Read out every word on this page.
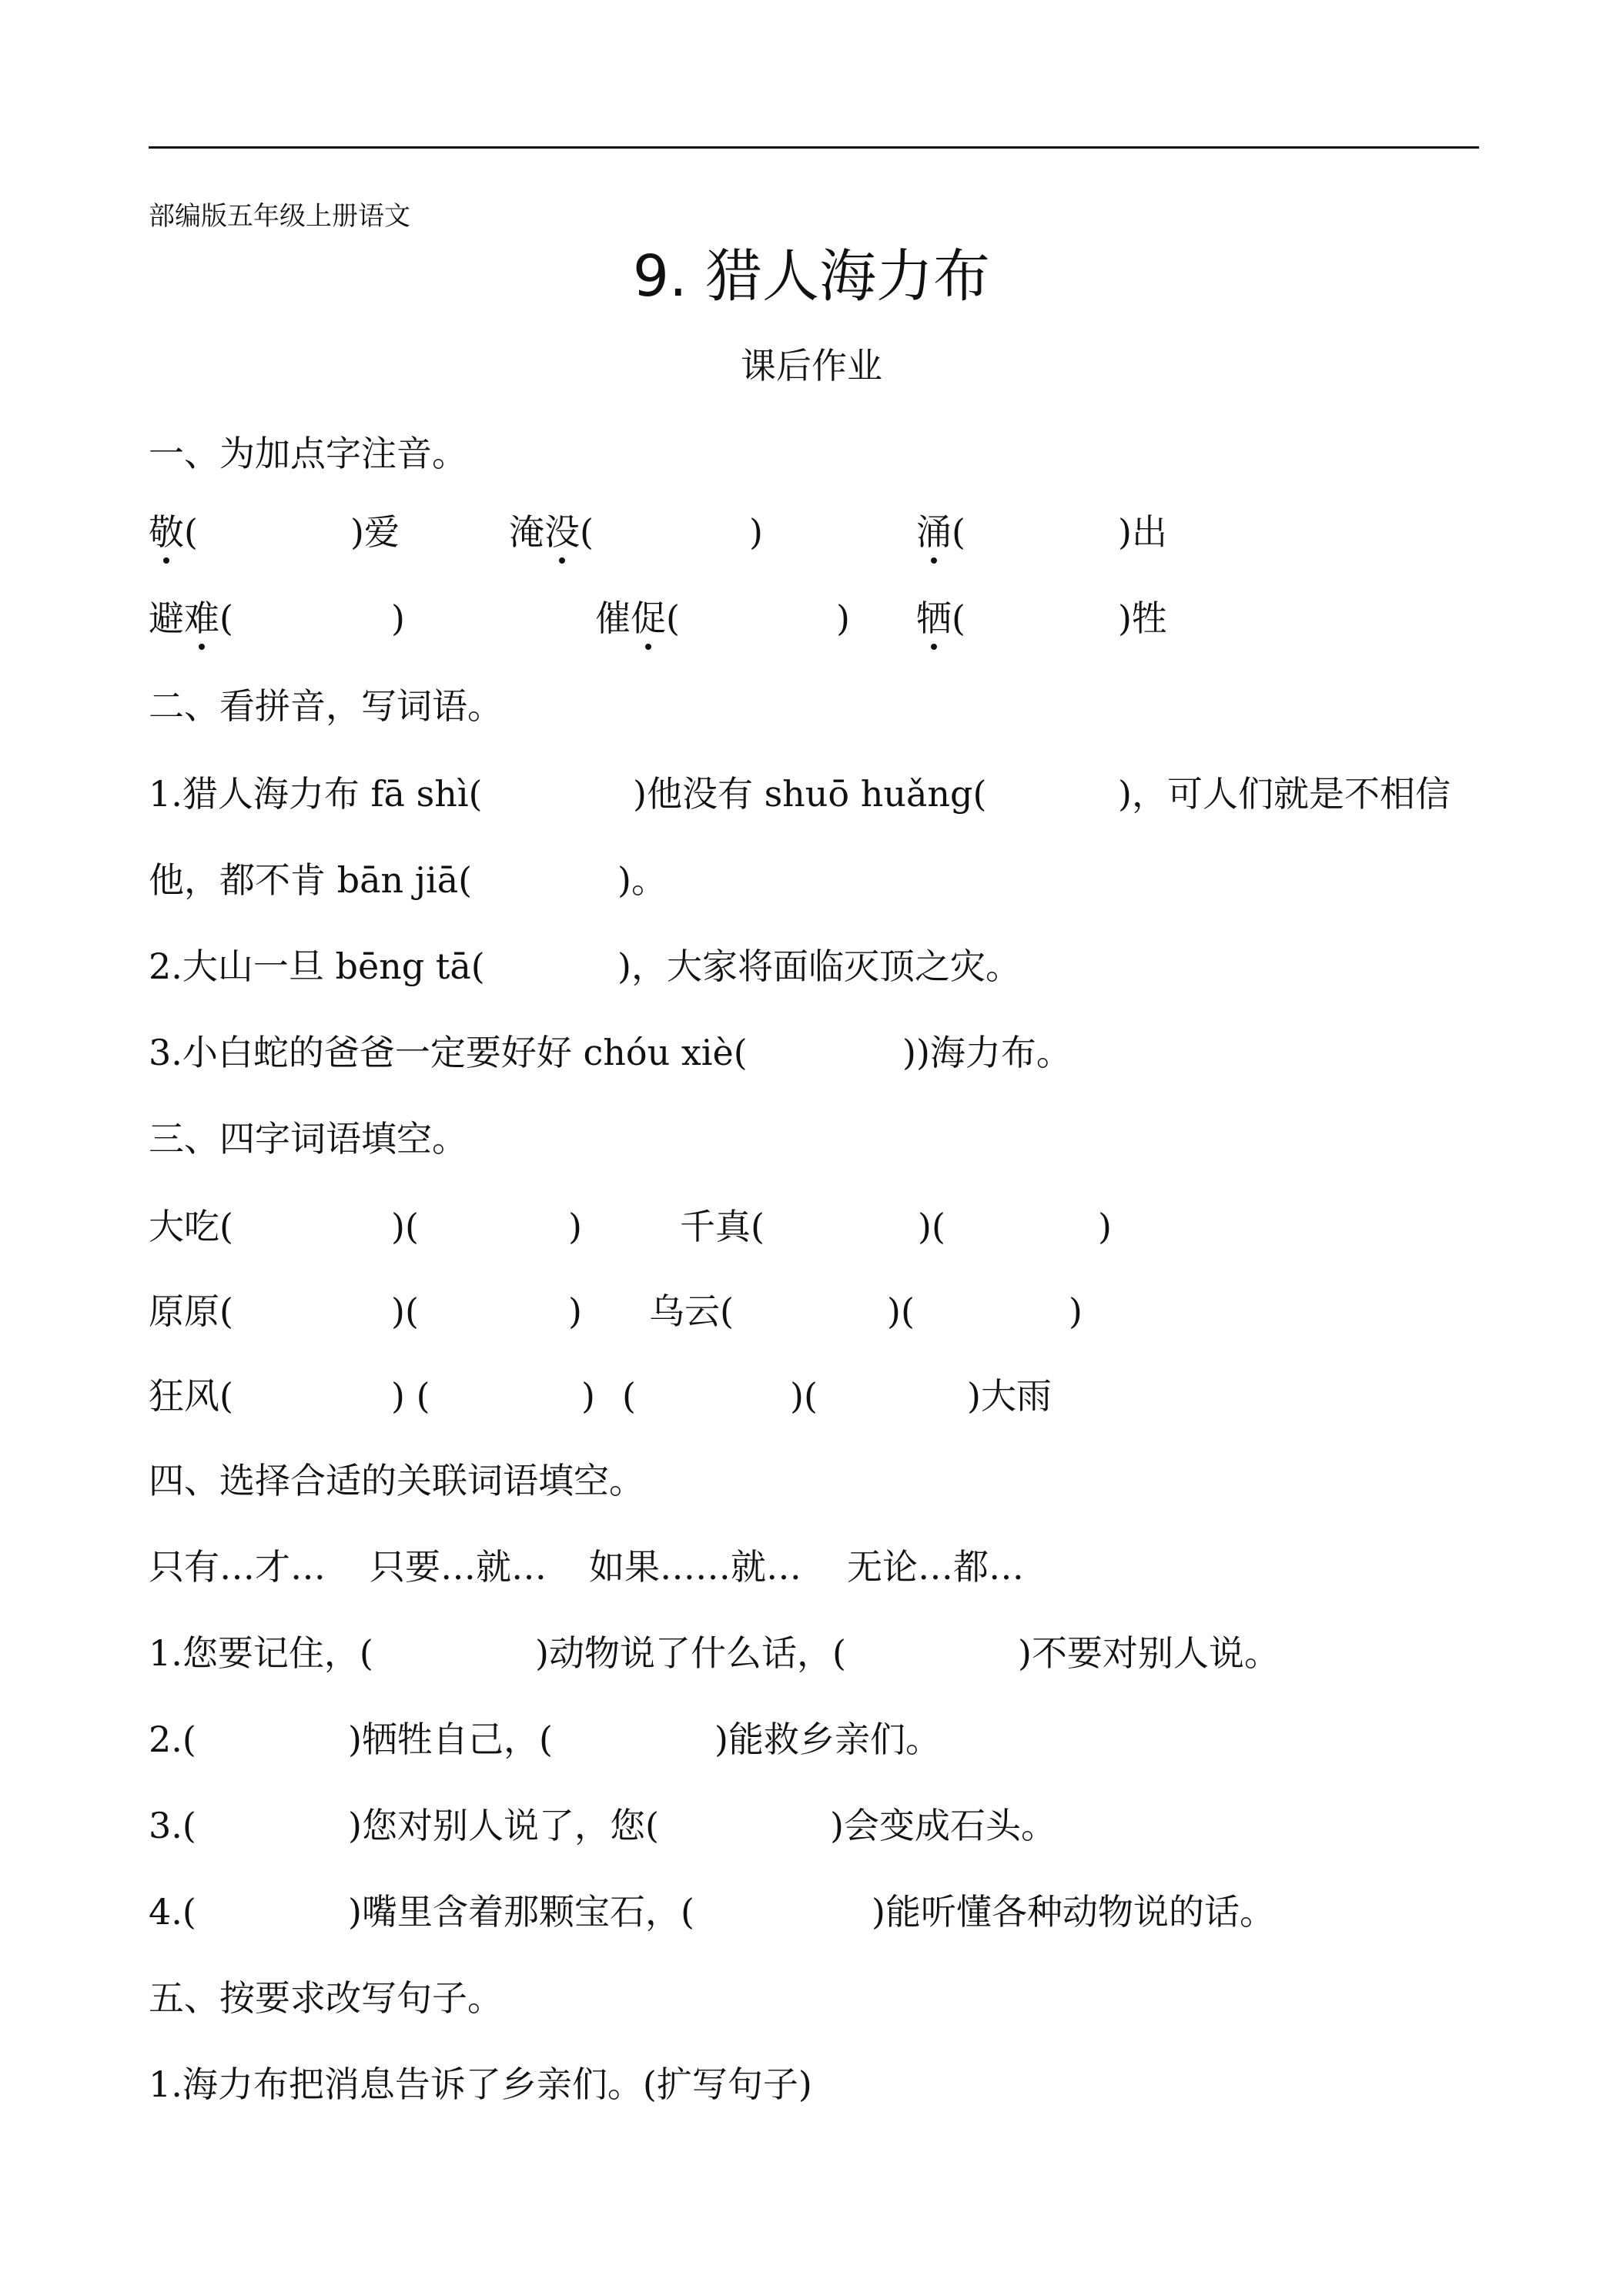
部编版五年级上册语文
9. 猎人海力布
课后作业
一、为加点字注音。
敬(	)爱	淹没(	)	涌(	)出
避难(	)	催促(	) 牺(	)牲
二、看拼音，写词语。
1.猎人海力布 fā shì(	)他没有 shuō huǎng(	)，可人们就是不相信
他，都不肯 bān jiā(	)。
2.大山一旦 bēng tā(	)，大家将面临灭顶之灾。
3.小白蛇的爸爸一定要好好 chóu xiè(	))海力布。
三、四字词语填空。
大吃(	)(	)	千真(	)(	)
原原(	)(	) 乌云(	)(	)
狂风(	) (	) (	)(	)大雨
四、选择合适的关联词语填空。
只有…才… 只要…就… 如果……就… 无论…都…
1.您要记住，(	)动物说了什么话，(	)不要对别人说。
2.(	)牺牲自己，(	)能救乡亲们。
3.(	)您对别人说了，您(	)会变成石头。
4.(	)嘴里含着那颗宝石，(	)能听懂各种动物说的话。
五、按要求改写句子。
1.海力布把消息告诉了乡亲们。(扩写句子)
